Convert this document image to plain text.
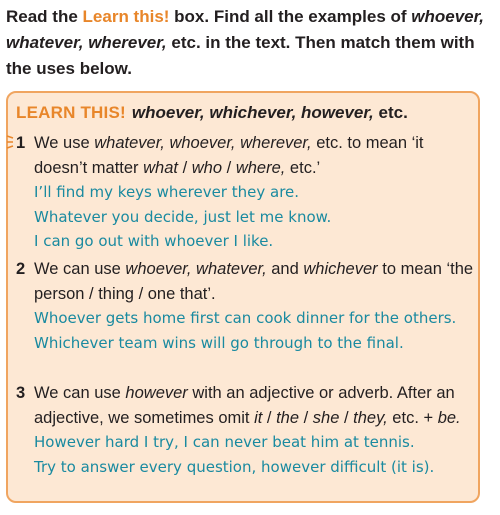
Read the Learn this! box. Find all the examples of whoever, whatever, wherever, etc. in the text. Then match them with the uses below.

LEARN THIS! whoever, whichever, however, etc.
1 We use whatever, whoever, wherever, etc. to mean ‘it doesn’t matter what / who / where, etc.’
I’ll find my keys wherever they are.
Whatever you decide, just let me know.
I can go out with whoever I like.
2 We can use whoever, whatever, and whichever to mean ‘the person / thing / one that’.
Whoever gets home first can cook dinner for the others.
Whichever team wins will go through to the final.
3 We can use however with an adjective or adverb. After an adjective, we sometimes omit it / the / she / they, etc. + be.
However hard I try, I can never beat him at tennis.
Try to answer every question, however difficult (it is).
